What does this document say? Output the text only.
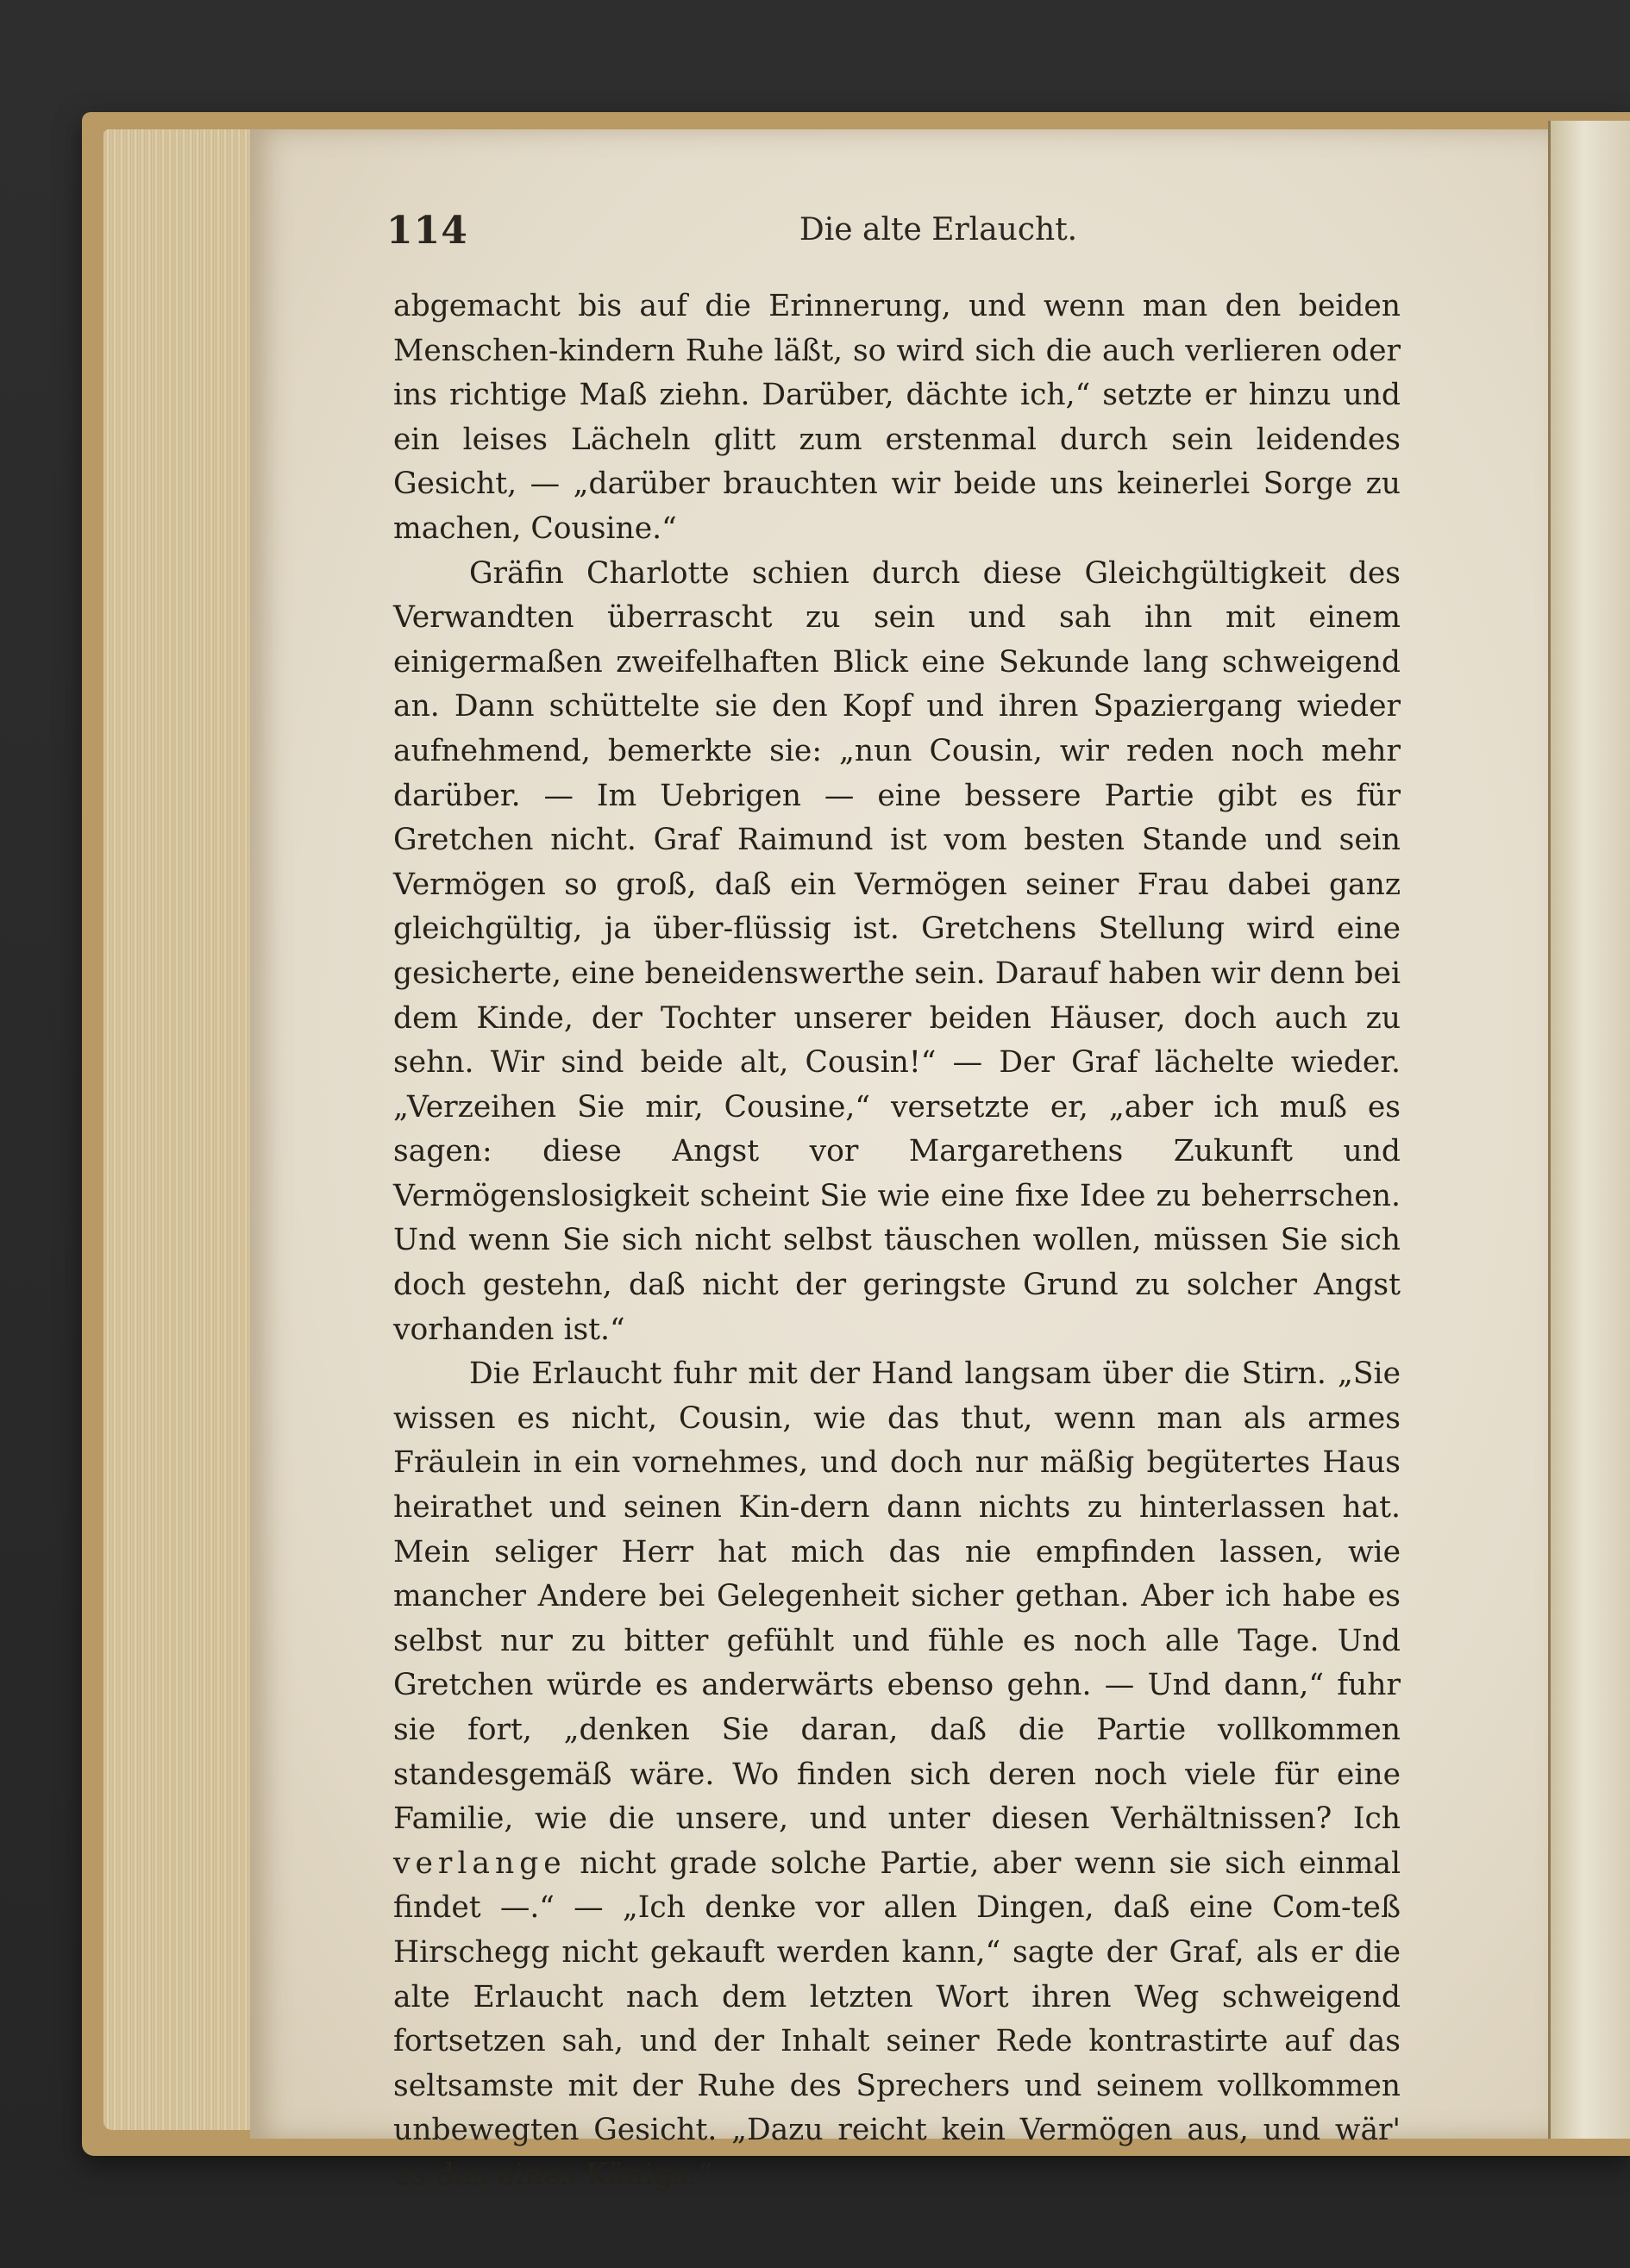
114	Die alte Erlaucht.

abgemacht bis auf die Erinnerung, und wenn man den beiden Menschen-kindern Ruhe läßt, so wird sich die auch verlieren oder ins richtige Maß ziehn. Darüber, dächte ich,“ setzte er hinzu und ein leises Lächeln glitt zum erstenmal durch sein leidendes Gesicht, — „darüber brauchten wir beide uns keinerlei Sorge zu machen, Cousine.“

Gräfin Charlotte schien durch diese Gleichgültigkeit des Verwandten überrascht zu sein und sah ihn mit einem einigermaßen zweifelhaften Blick eine Sekunde lang schweigend an. Dann schüttelte sie den Kopf und ihren Spaziergang wieder aufnehmend, bemerkte sie: „nun Cousin, wir reden noch mehr darüber. — Im Uebrigen — eine bessere Partie gibt es für Gretchen nicht. Graf Raimund ist vom besten Stande und sein Vermögen so groß, daß ein Vermögen seiner Frau dabei ganz gleichgültig, ja über-flüssig ist. Gretchens Stellung wird eine gesicherte, eine beneidenswerthe sein. Darauf haben wir denn bei dem Kinde, der Tochter unserer beiden Häuser, doch auch zu sehn. Wir sind beide alt, Cousin!“ — Der Graf lächelte wieder. „Verzeihen Sie mir, Cousine,“ versetzte er, „aber ich muß es sagen: diese Angst vor Margarethens Zukunft und Vermögenslosigkeit scheint Sie wie eine fixe Idee zu beherrschen. Und wenn Sie sich nicht selbst täuschen wollen, müssen Sie sich doch gestehn, daß nicht der geringste Grund zu solcher Angst vorhanden ist.“

Die Erlaucht fuhr mit der Hand langsam über die Stirn. „Sie wissen es nicht, Cousin, wie das thut, wenn man als armes Fräulein in ein vornehmes, und doch nur mäßig begütertes Haus heirathet und seinen Kin-dern dann nichts zu hinterlassen hat. Mein seliger Herr hat mich das nie empfinden lassen, wie mancher Andere bei Gelegenheit sicher gethan. Aber ich habe es selbst nur zu bitter gefühlt und fühle es noch alle Tage. Und Gretchen würde es anderwärts ebenso gehn. — Und dann,“ fuhr sie fort, „denken Sie daran, daß die Partie vollkommen standesgemäß wäre. Wo finden sich deren noch viele für eine Familie, wie die unsere, und unter diesen Verhältnissen? Ich verlange nicht grade solche Partie, aber wenn sie sich einmal findet —.“ — „Ich denke vor allen Dingen, daß eine Com-teß Hirschegg nicht gekauft werden kann,“ sagte der Graf, als er die alte Erlaucht nach dem letzten Wort ihren Weg schweigend fortsetzen sah, und der Inhalt seiner Rede kontrastirte auf das seltsamste mit der Ruhe des Sprechers und seinem vollkommen unbewegten Gesicht. „Dazu reicht kein Vermögen aus, und wär' es das eines Königs.“
